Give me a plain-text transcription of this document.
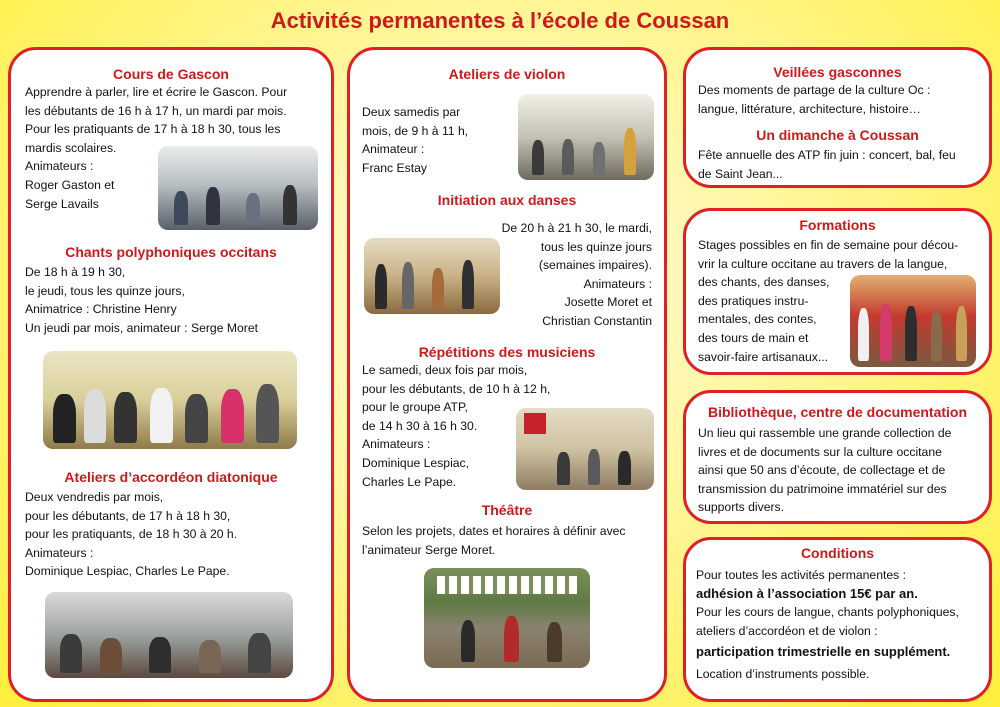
Activités permanentes à l’école de Coussan
Cours de Gascon
Apprendre à parler, lire et écrire le Gascon. Pour
les débutants de 16 h à 17 h, un mardi par mois.
Pour les pratiquants de 17 h à 18 h 30, tous les
mardis scolaires.
Animateurs :
Roger Gaston et
Serge Lavails
Chants polyphoniques occitans
De 18 h à 19 h 30,
le jeudi, tous les quinze jours,
Animatrice : Christine Henry
Un jeudi par mois, animateur : Serge Moret
Ateliers d’accordéon diatonique
Deux vendredis par mois,
pour les débutants, de 17 h à 18 h 30,
pour les pratiquants, de 18 h 30 à 20 h.
Animateurs :
Dominique Lespiac, Charles Le Pape.
Ateliers de violon
Deux samedis par
mois, de 9 h à 11 h,
Animateur :
Franc Estay
Initiation aux danses
De 20 h à 21 h 30, le mardi,
tous les quinze jours
(semaines impaires).
Animateurs :
Josette Moret et
Christian Constantin
Répétitions des musiciens
Le samedi, deux fois par mois,
pour les débutants, de 10 h à 12 h,
pour le groupe ATP,
de 14 h 30 à 16 h 30.
Animateurs :
Dominique Lespiac,
Charles Le Pape.
Théâtre
Selon les projets, dates et horaires à définir avec
l’animateur Serge Moret.
Veillées gasconnes
Des moments de partage de la culture Oc :
langue, littérature, architecture, histoire…
Un dimanche à Coussan
Fête annuelle des ATP fin juin : concert, bal, feu
de Saint Jean...
Formations
Stages possibles en fin de semaine pour décou-
vrir la culture occitane au travers de la langue,
des chants, des danses,
des pratiques instru-
mentales, des contes,
des tours de main et
savoir-faire artisanaux...
Bibliothèque, centre de documentation
Un lieu qui rassemble une grande collection de
livres et de documents sur la culture occitane
ainsi que 50 ans d’écoute, de collectage et de
transmission du patrimoine immatériel sur des
supports divers.
Conditions
Pour toutes les activités permanentes :
adhésion à l’association 15€ par an.
Pour les cours de langue, chants polyphoniques,
ateliers d’accordéon et de violon :
participation trimestrielle en supplément.
Location d’instruments possible.
